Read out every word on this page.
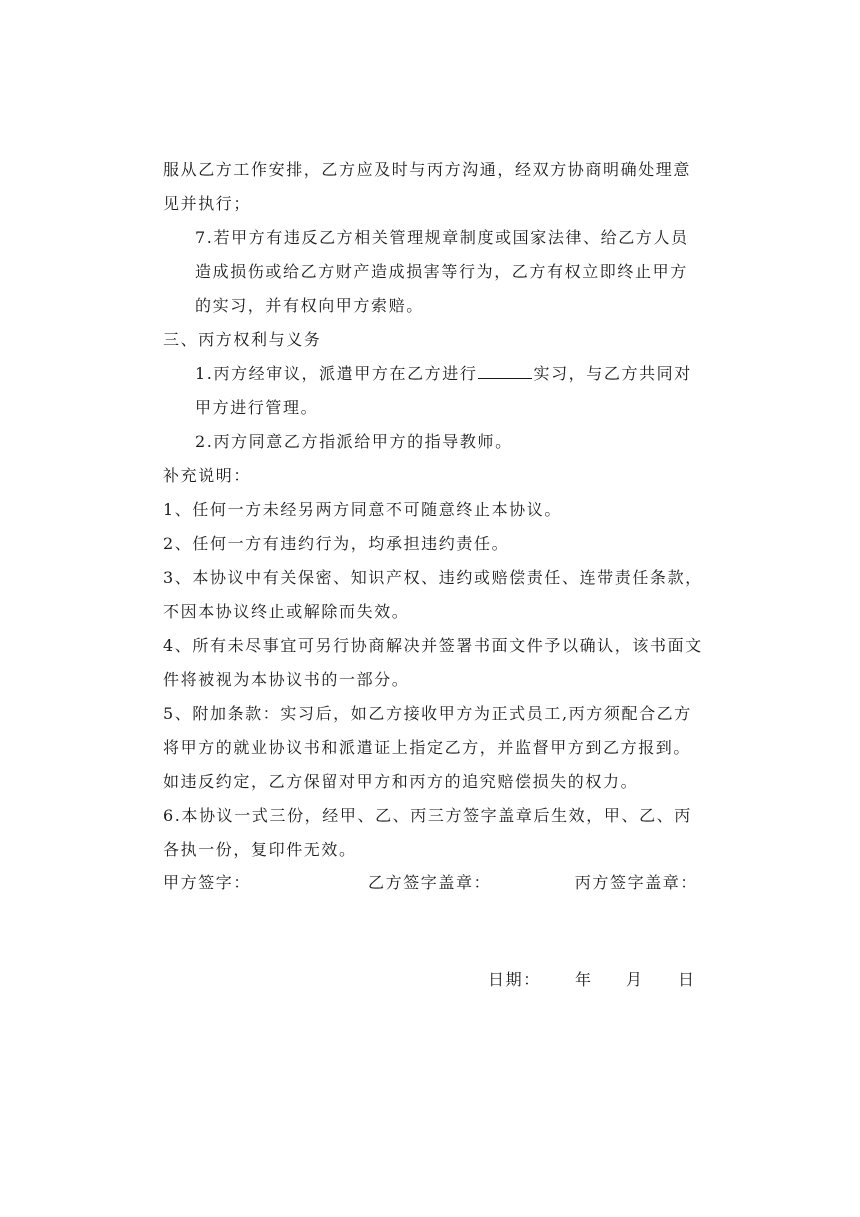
服从乙方工作安排，乙方应及时与丙方沟通，经双方协商明确处理意见并执行；

7.若甲方有违反乙方相关管理规章制度或国家法律、给乙方人员造成损伤或给乙方财产造成损害等行为，乙方有权立即终止甲方的实习，并有权向甲方索赔。

三、丙方权利与义务

1.丙方经审议，派遣甲方在乙方进行	实习，与乙方共同对甲方进行管理。

2.丙方同意乙方指派给甲方的指导教师。

补充说明：

1、任何一方未经另两方同意不可随意终止本协议。

2、任何一方有违约行为，均承担违约责任。

3、本协议中有关保密、知识产权、违约或赔偿责任、连带责任条款，不因本协议终止或解除而失效。

4、所有未尽事宜可另行协商解决并签署书面文件予以确认，该书面文件将被视为本协议书的一部分。

5、附加条款：实习后，如乙方接收甲方为正式员工,丙方须配合乙方将甲方的就业协议书和派遣证上指定乙方，并监督甲方到乙方报到。如违反约定，乙方保留对甲方和丙方的追究赔偿损失的权力。

6.本协议一式三份，经甲、乙、丙三方签字盖章后生效，甲、乙、丙各执一份，复印件无效。

甲方签字：	乙方签字盖章：	丙方签字盖章：
日期： 年 月 日
